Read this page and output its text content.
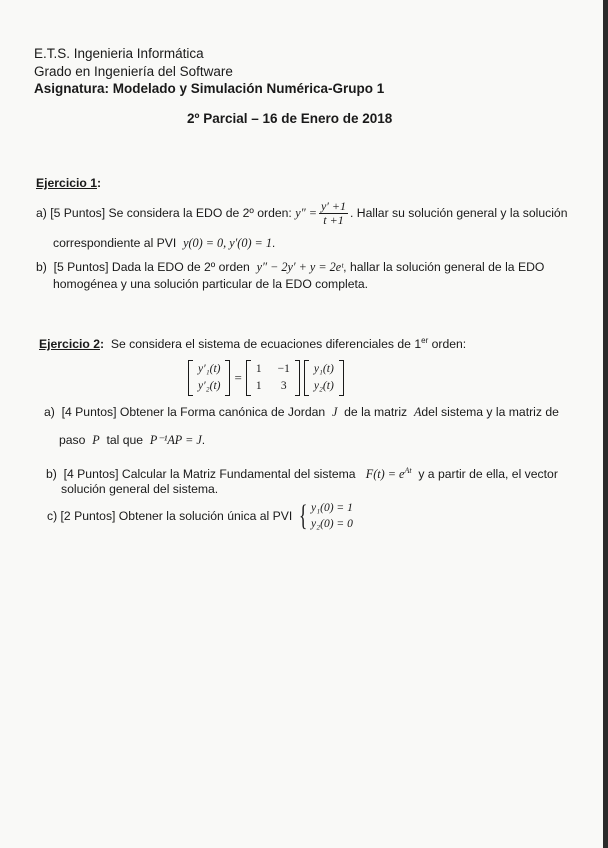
E.T.S. Ingenieria Informática
Grado en Ingeniería del Software
Asignatura: Modelado y Simulación Numérica-Grupo 1
2º Parcial – 16 de Enero de 2018
Ejercicio 1:
a)
[5 Puntos] Se considera la EDO de 2º orden:
$y'' = \frac{y' +1}{t +1}$ . Hallar su solución general y la solución
correspondiente al PVI y(0) = 0, y′(0) = 1.
b) [5 Puntos] Dada la EDO de 2º orden y″ − 2y′ + y = 2eᵗ, hallar la solución general de la EDO
homogénea y una solución particular de la EDO completa.
Ejercicio 2: Se considera el sistema de ecuaciones diferenciales de 1er orden:
y′₁(t)
y′₂(t)
=
1
1
−1
3
y₁(t)
y₂(t)
a) [4 Puntos] Obtener la Forma canónica de Jordan J de la matriz Adel sistema y la matriz de
paso P tal que P⁻¹AP = J.
b) [4 Puntos] Calcular la Matriz Fundamental del sistema $F(t) = e^{At}$ y a partir de ella, el vector
solución general del sistema.
c)
[2 Puntos] Obtener la solución única al PVI
{ y₁(0) = 1
y₂(0) = 0
